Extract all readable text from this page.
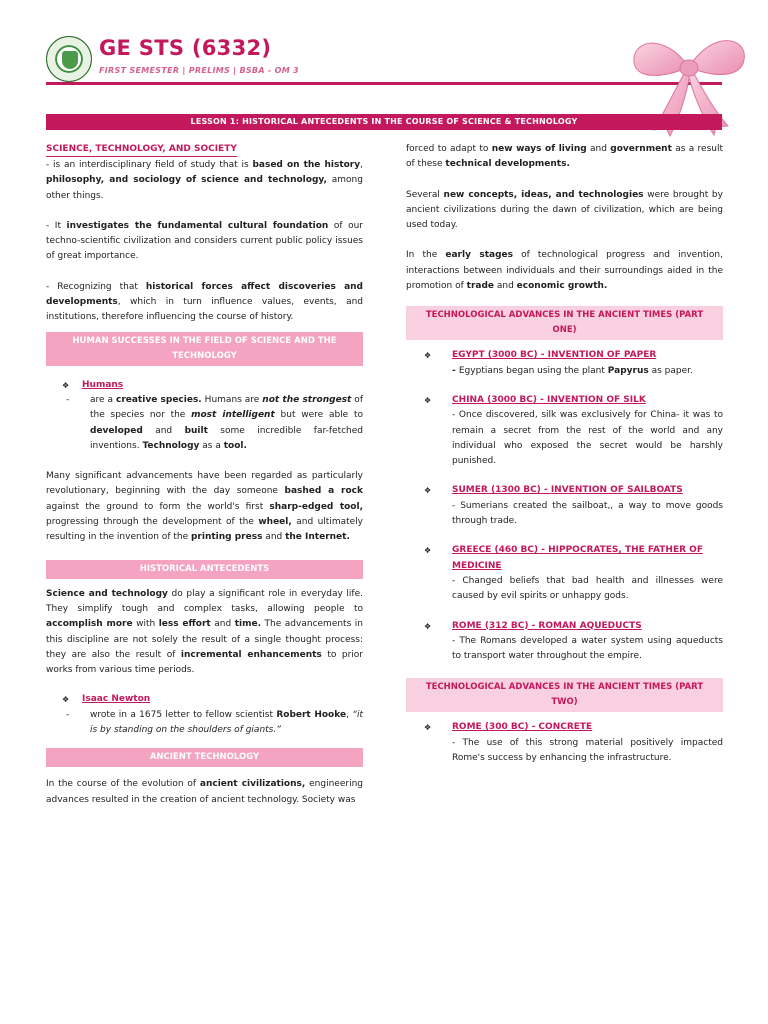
GE STS (6332)
FIRST SEMESTER | PRELIMS | BSBA - OM 3
LESSON 1: HISTORICAL ANTECEDENTS IN THE COURSE OF SCIENCE & TECHNOLOGY
SCIENCE, TECHNOLOGY, AND SOCIETY

- is an interdisciplinary field of study that is based on the history, philosophy, and sociology of science and technology, among other things.

- It investigates the fundamental cultural foundation of our techno-scientific civilization and considers current public policy issues of great importance.

- Recognizing that historical forces affect discoveries and developments, which in turn influence values, events, and institutions, therefore influencing the course of history.

HUMAN SUCCESSES IN THE FIELD OF SCIENCE AND THE TECHNOLOGY
❖	Humans
-	are a creative species. Humans are not the strongest of the species nor the most intelligent but were able to developed and built some incredible far-fetched inventions. Technology as a tool.

Many significant advancements have been regarded as particularly revolutionary, beginning with the day someone bashed a rock against the ground to form the world's first sharp-edged tool, progressing through the development of the wheel, and ultimately resulting in the invention of the printing press and the Internet.

HISTORICAL ANTECEDENTS

Science and technology do play a significant role in everyday life. They simplify tough and complex tasks, allowing people to accomplish more with less effort and time. The advancements in this discipline are not solely the result of a single thought process: they are also the result of incremental enhancements to prior works from various time periods.

❖	Isaac Newton
-	wrote in a 1675 letter to fellow scientist Robert Hooke, “it is by standing on the shoulders of giants.”

ANCIENT TECHNOLOGY

In the course of the evolution of ancient civilizations, engineering advances resulted in the creation of ancient technology. Society was

forced to adapt to new ways of living and government as a result of these technical developments.

Several new concepts, ideas, and technologies were brought by ancient civilizations during the dawn of civilization, which are being used today.

In the early stages of technological progress and invention, interactions between individuals and their surroundings aided in the promotion of trade and economic growth.

TECHNOLOGICAL ADVANCES IN THE ANCIENT TIMES (PART ONE)
❖	EGYPT (3000 BC) - INVENTION OF PAPER

- Egyptians began using the plant Papyrus as paper.

❖	CHINA (3000 BC) - INVENTION OF SILK

- Once discovered, silk was exclusively for China- it was to remain a secret from the rest of the world and any individual who exposed the secret would be harshly punished.

❖	SUMER (1300 BC) - INVENTION OF SAILBOATS

- Sumerians created the sailboat,, a way to move goods through trade.

❖	GREECE (460 BC) - HIPPOCRATES, THE FATHER OF MEDICINE

- Changed beliefs that bad health and illnesses were caused by evil spirits or unhappy gods.

❖	ROME (312 BC) - ROMAN AQUEDUCTS

- The Romans developed a water system using aqueducts to transport water throughout the empire.

TECHNOLOGICAL ADVANCES IN THE ANCIENT TIMES (PART TWO)
❖	ROME (300 BC) - CONCRETE

- The use of this strong material positively impacted Rome's success by enhancing the infrastructure.
